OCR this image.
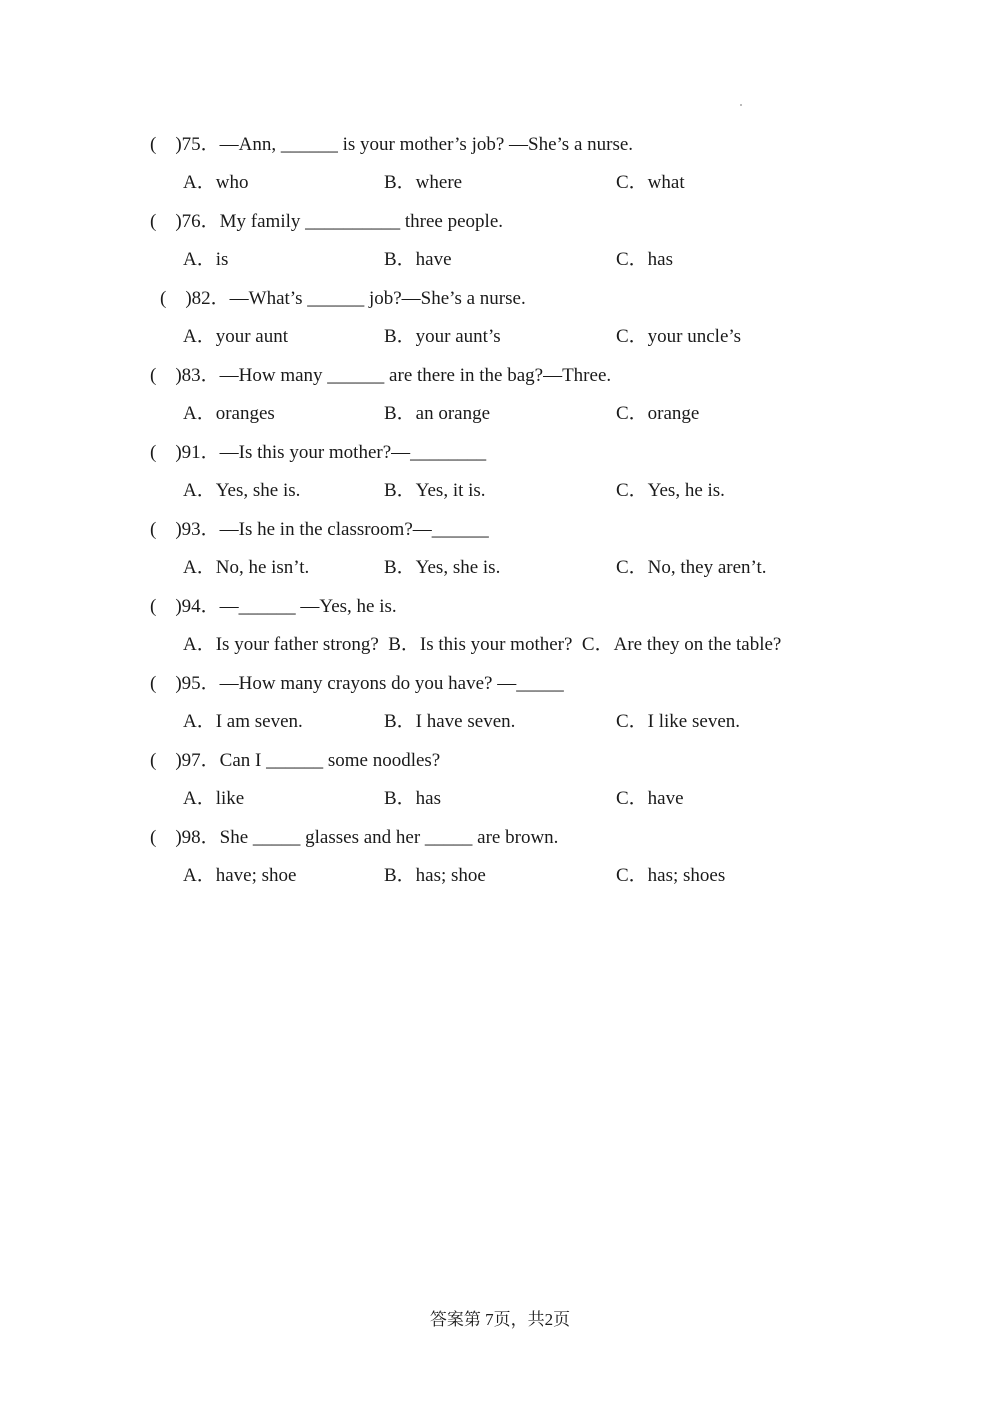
(    )75．—Ann, ______ is your mother’s job? —She’s a nurse.
A．who	B．where	C．what
(    )76．My family __________ three people.
A．is	B．have	C．has
(    )82．—What’s ______ job?—She’s a nurse.
A．your aunt	B．your aunt’s	C．your uncle’s
(    )83．—How many ______ are there in the bag?—Three.
A．oranges	B．an orange	C．orange
(    )91．—Is this your mother?—________
A．Yes, she is.	B．Yes, it is.	C．Yes, he is.
(    )93．—Is he in the classroom?—______
A．No, he isn’t.	B．Yes, she is.	C．No, they aren’t.
(    )94．—______ —Yes, he is.
A．Is your father strong?  B．Is this your mother?  C．Are they on the table?
(    )95．—How many crayons do you have? —_____
A．I am seven.	B．I have seven.	C．I like seven.
(    )97．Can I ______ some noodles?
A．like	B．has	C．have
(    )98．She _____ glasses and her _____ are brown.
A．have; shoe	B．has; shoe	C．has; shoes
答案第 7页，共2页
